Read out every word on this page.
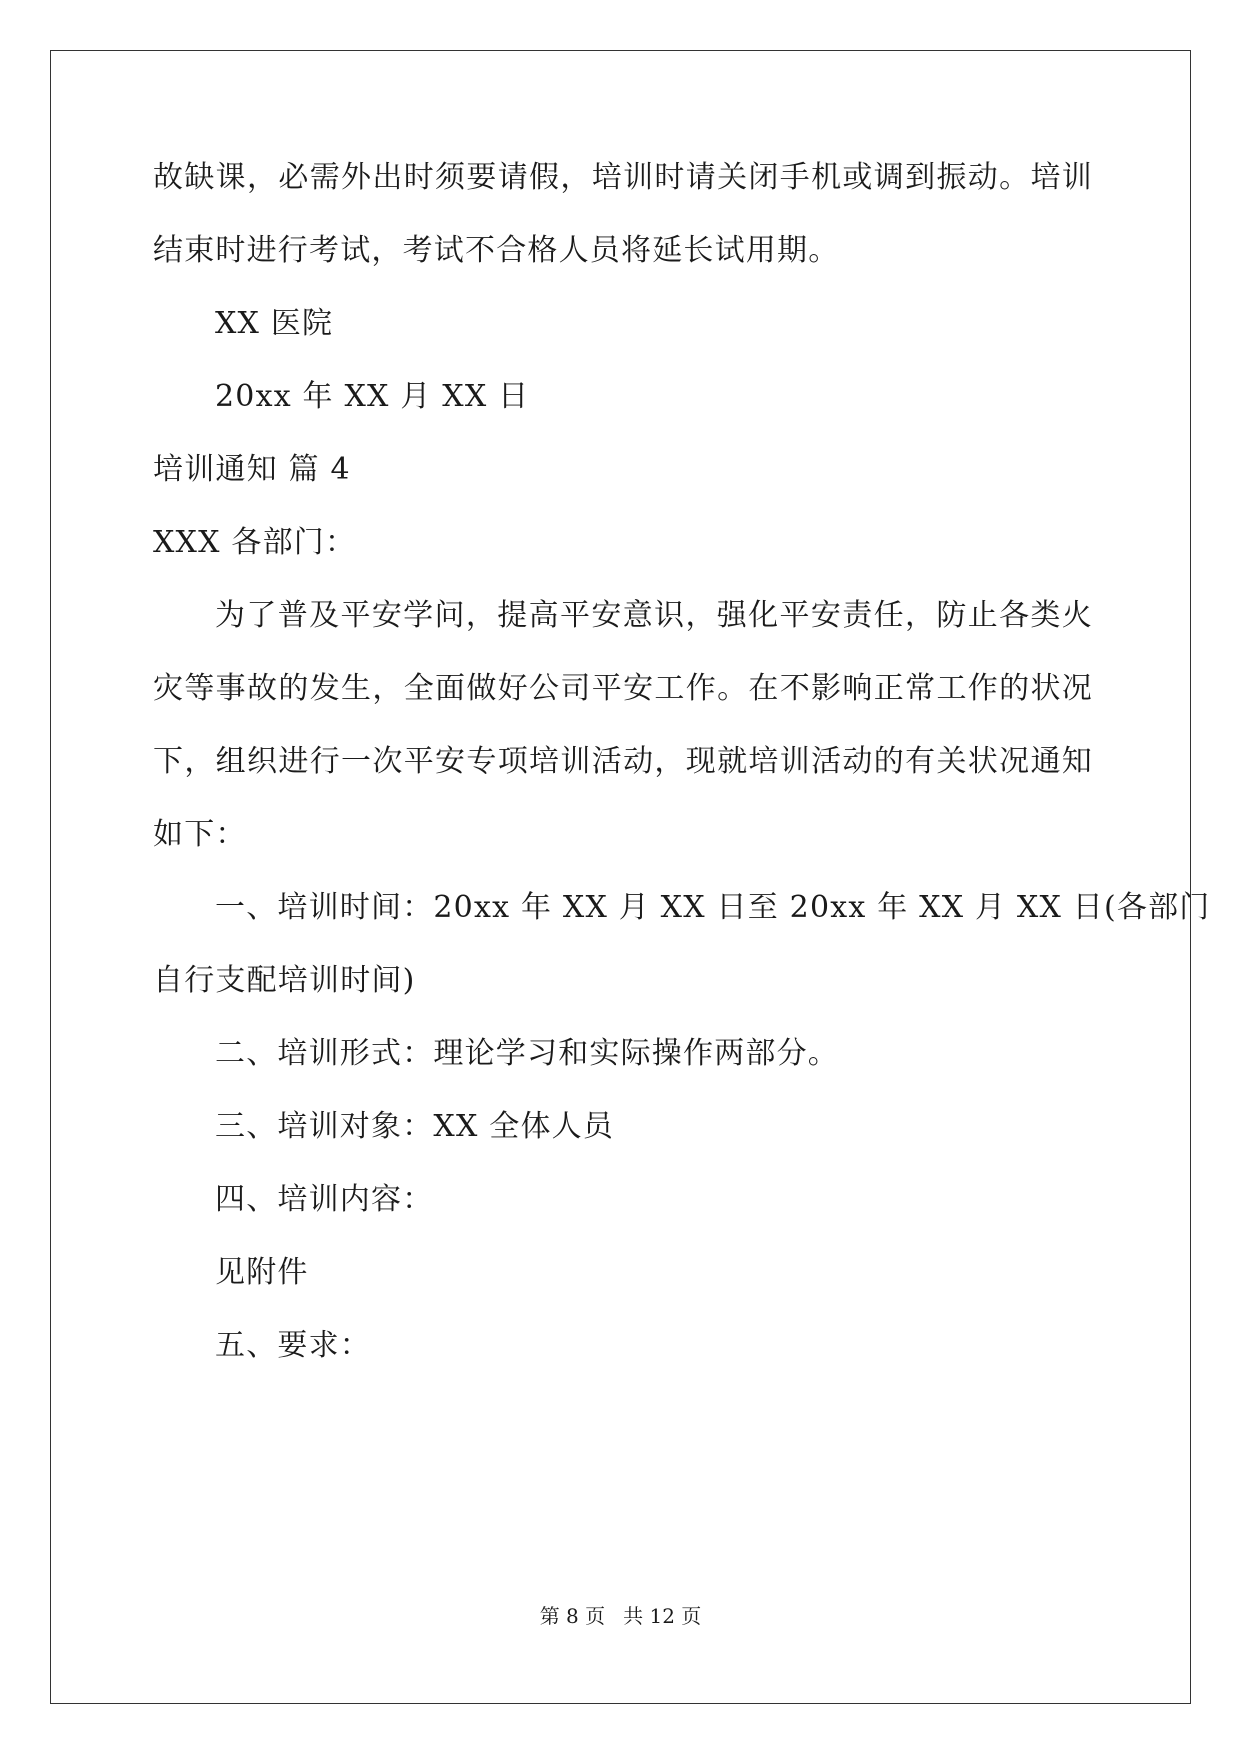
故缺课，必需外出时须要请假，培训时请关闭手机或调到振动。培训
结束时进行考试，考试不合格人员将延长试用期。
XX 医院
20xx 年 XX 月 XX 日
培训通知 篇 4
XXX 各部门：
为了普及平安学问，提高平安意识，强化平安责任，防止各类火
灾等事故的发生，全面做好公司平安工作。在不影响正常工作的状况
下，组织进行一次平安专项培训活动，现就培训活动的有关状况通知
如下：
一、培训时间：20xx 年 XX 月 XX 日至 20xx 年 XX 月 XX 日(各部门
自行支配培训时间)
二、培训形式：理论学习和实际操作两部分。
三、培训对象：XX 全体人员
四、培训内容：
见附件
五、要求：
第 8 页 共 12 页
